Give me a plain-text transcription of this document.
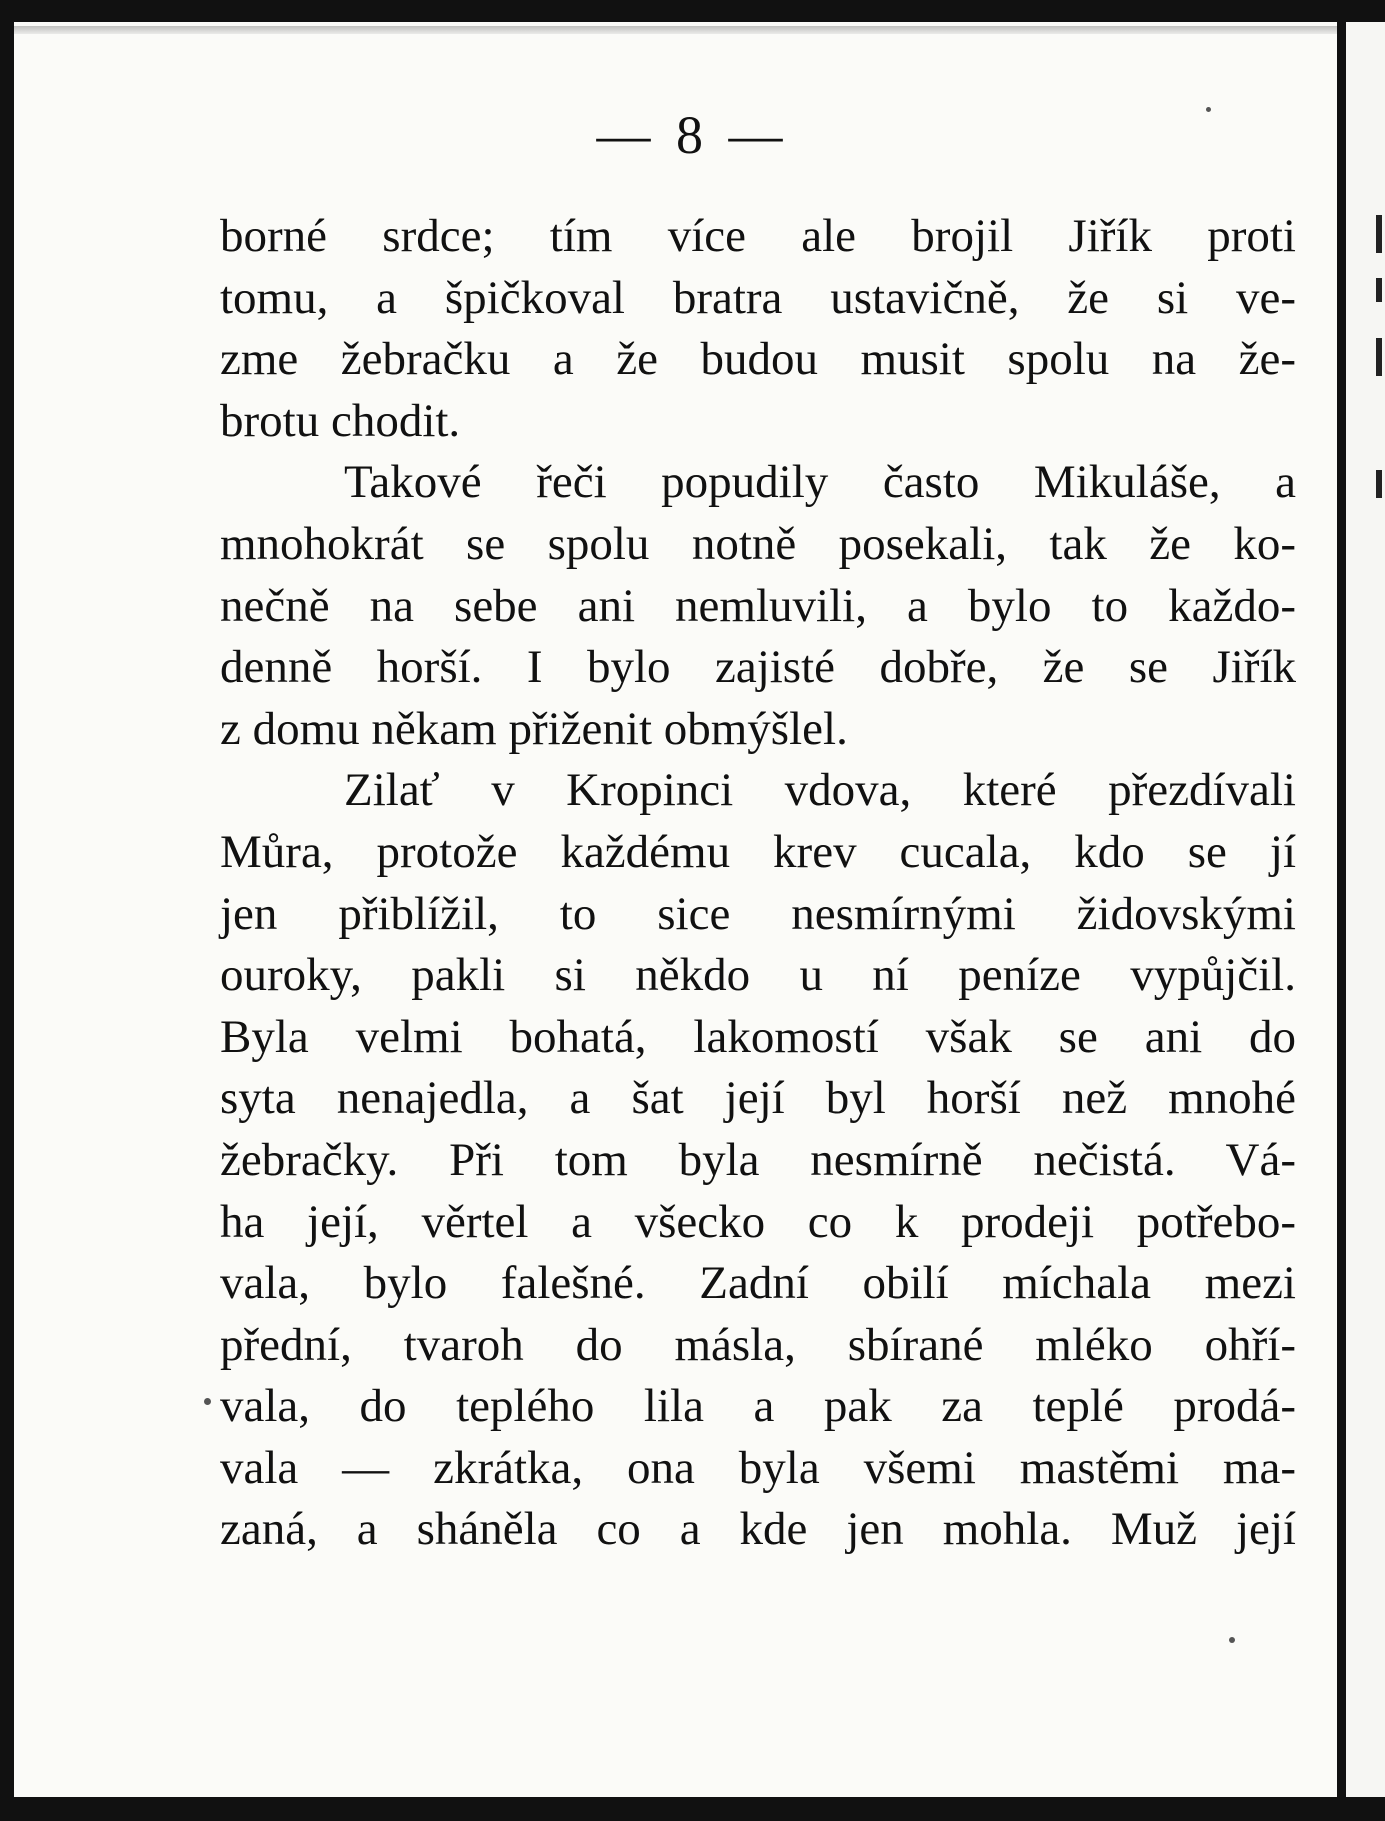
— 8 —
borné srdce; tím více ale brojil Jiřík proti
tomu, a špičkoval bratra ustavičně, že si ve-
zme žebračku a že budou musit spolu na že-
brotu chodit.
Takové řeči popudily často Mikuláše, a
mnohokrát se spolu notně posekali, tak že ko-
nečně na sebe ani nemluvili, a bylo to každo-
denně horší. I bylo zajisté dobře, že se Jiřík
z domu někam přiženit obmýšlel.
Zilať v Kropinci vdova, které přezdívali
Můra, protože každému krev cucala, kdo se jí
jen přiblížil, to sice nesmírnými židovskými
ouroky, pakli si někdo u ní peníze vypůjčil.
Byla velmi bohatá, lakomostí však se ani do
syta nenajedla, a šat její byl horší než mnohé
žebračky. Při tom byla nesmírně nečistá. Vá-
ha její, věrtel a všecko co k prodeji potřebo-
vala, bylo falešné. Zadní obilí míchala mezi
přední, tvaroh do másla, sbírané mléko ohří-
vala, do teplého lila a pak za teplé prodá-
vala — zkrátka, ona byla všemi mastěmi ma-
zaná, a sháněla co a kde jen mohla. Muž její
